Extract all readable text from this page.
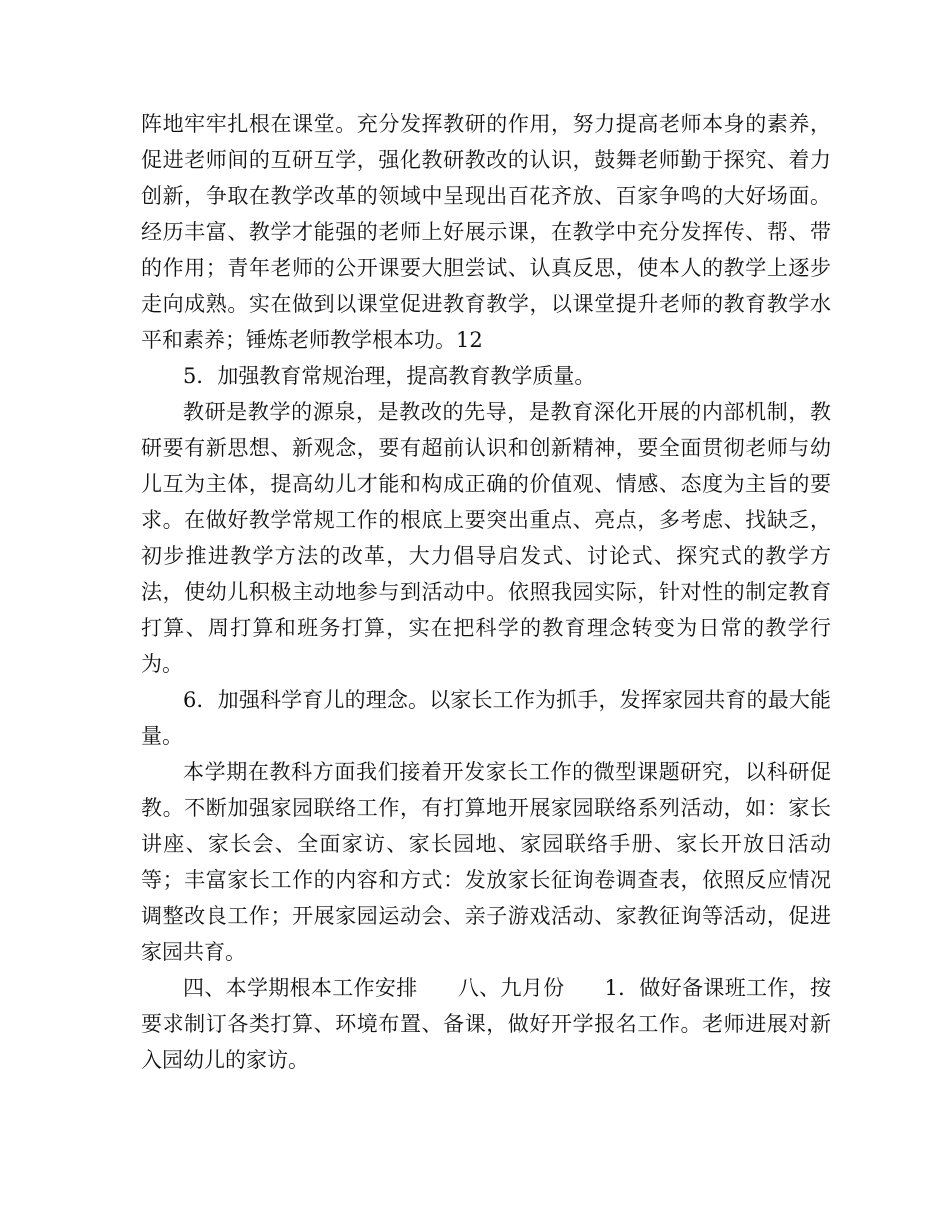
阵地牢牢扎根在课堂。充分发挥教研的作用，努力提高老师本身的素养，促进老师间的互研互学，强化教研教改的认识，鼓舞老师勤于探究、着力创新，争取在教学改革的领域中呈现出百花齐放、百家争鸣的大好场面。经历丰富、教学才能强的老师上好展示课，在教学中充分发挥传、帮、带的作用；青年老师的公开课要大胆尝试、认真反思，使本人的教学上逐步走向成熟。实在做到以课堂促进教育教学，以课堂提升老师的教育教学水平和素养；锤炼老师教学根本功。12

5．加强教育常规治理，提高教育教学质量。

教研是教学的源泉，是教改的先导，是教育深化开展的内部机制，教研要有新思想、新观念，要有超前认识和创新精神，要全面贯彻老师与幼儿互为主体，提高幼儿才能和构成正确的价值观、情感、态度为主旨的要求。在做好教学常规工作的根底上要突出重点、亮点，多考虑、找缺乏，初步推进教学方法的改革，大力倡导启发式、讨论式、探究式的教学方法，使幼儿积极主动地参与到活动中。依照我园实际，针对性的制定教育打算、周打算和班务打算，实在把科学的教育理念转变为日常的教学行为。

6．加强科学育儿的理念。以家长工作为抓手，发挥家园共育的最大能量。

本学期在教科方面我们接着开发家长工作的微型课题研究，以科研促教。不断加强家园联络工作，有打算地开展家园联络系列活动，如：家长讲座、家长会、全面家访、家长园地、家园联络手册、家长开放日活动等；丰富家长工作的内容和方式：发放家长征询卷调查表，依照反应情况调整改良工作；开展家园运动会、亲子游戏活动、家教征询等活动，促进家园共育。

四、本学期根本工作安排 八、九月份 1．做好备课班工作，按要求制订各类打算、环境布置、备课，做好开学报名工作。老师进展对新入园幼儿的家访。
